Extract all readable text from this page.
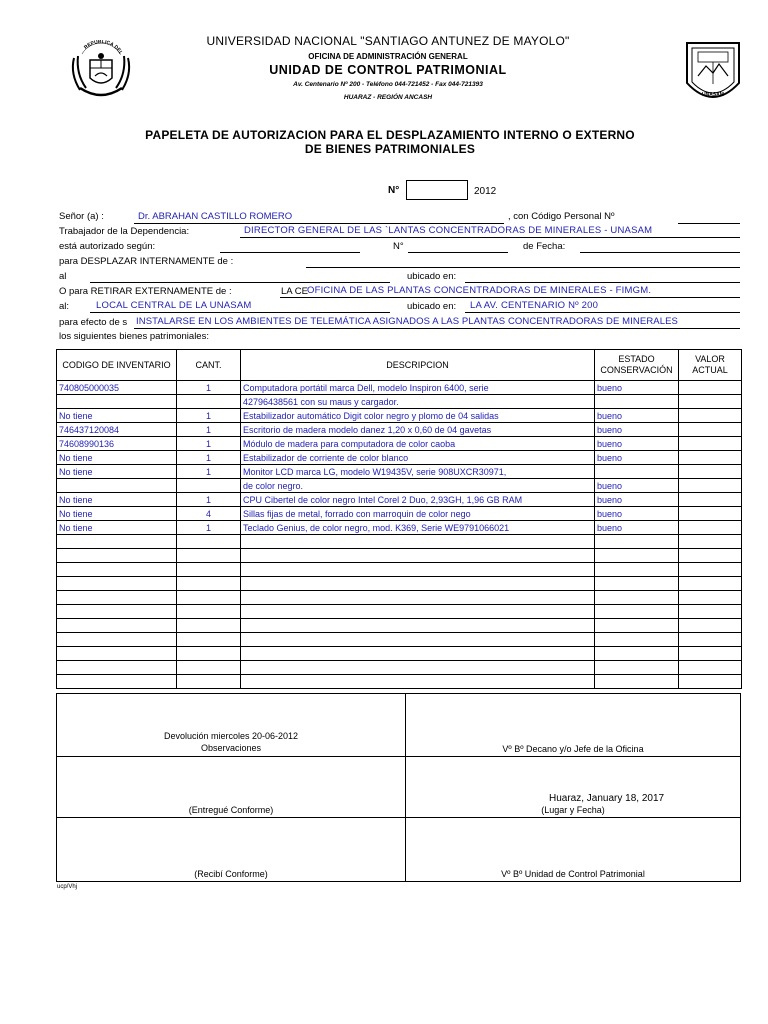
REPUBLICA DEL
UNIVERSIDAD NACIONAL "SANTIAGO ANTUNEZ DE MAYOLO"
OFICINA DE ADMINISTRACIÓN GENERAL
UNIDAD DE CONTROL PATRIMONIAL
Av. Centenario Nº 200 - Teléfono 044-721452 - Fax 044-721393
HUARAZ - REGIÓN ANCASH	UNASAM
PAPELETA DE AUTORIZACION PARA EL DESPLAZAMIENTO INTERNO O EXTERNO
DE BIENES PATRIMONIALES
N°	2012
Señor (a) :	Dr. ABRAHAN CASTILLO ROMERO	, con Código Personal Nº
Trabajador de la Dependencia:	DIRECTOR GENERAL DE LAS `LANTAS CONCENTRADORAS DE MINERALES - UNASAM
está autorizado según:	N°	de Fecha:
para DESPLAZAR INTERNAMENTE de :
al	ubicado en:
O para RETIRAR EXTERNAMENTE de :	LA CE OFICINA DE LAS PLANTAS CONCENTRADORAS DE MINERALES - FIMGM.
al:	LOCAL CENTRAL DE LA UNASAM	ubicado en: LA AV. CENTENARIO Nº 200
para efecto de s INSTALARSE EN LOS AMBIENTES DE TELEMÁTICA ASIGNADOS A LAS PLANTAS CONCENTRADORAS DE MINERALES
los siguientes bienes patrimoniales:
CODIGO DE INVENTARIO	CANT.	DESCRIPCION	ESTADO CONSERVACIÓN	VALOR ACTUAL
740805000035	1	Computadora portátil marca Dell, modelo Inspiron 6400, serie	bueno	
		42796438561 con su maus y cargador.		
No tiene	1	Estabilizador automático Digit color negro y plomo de 04 salidas	bueno	
746437120084	1	Escritorio de madera modelo danez 1,20 x 0,60 de 04 gavetas	bueno	
74608990136	1	Módulo de madera para computadora de color caoba	bueno	
No tiene	1	Estabilizador de corriente de color blanco	bueno	
No tiene	1	Monitor LCD marca LG, modelo W19435V, serie 908UXCR30971,		
		de color negro.	bueno	
No tiene	1	CPU Cibertel de color negro Intel Corel 2 Duo, 2,93GH, 1,96 GB RAM	bueno	
No tiene	4	Sillas fijas de metal, forrado con marroquin de color nego	bueno	
No tiene	1	Teclado Genius, de color negro, mod. K369, Serie WE9791066021	bueno	

Devolución miercoles 20-06-2012
Observaciones	Vº Bº Decano y/o Jefe de la Oficina
Huaraz, January 18, 2017
(Entregué Conforme)	(Lugar y Fecha)
(Recibí Conforme)	Vº Bº Unidad de Control Patrimonial
ucp/Vhj
